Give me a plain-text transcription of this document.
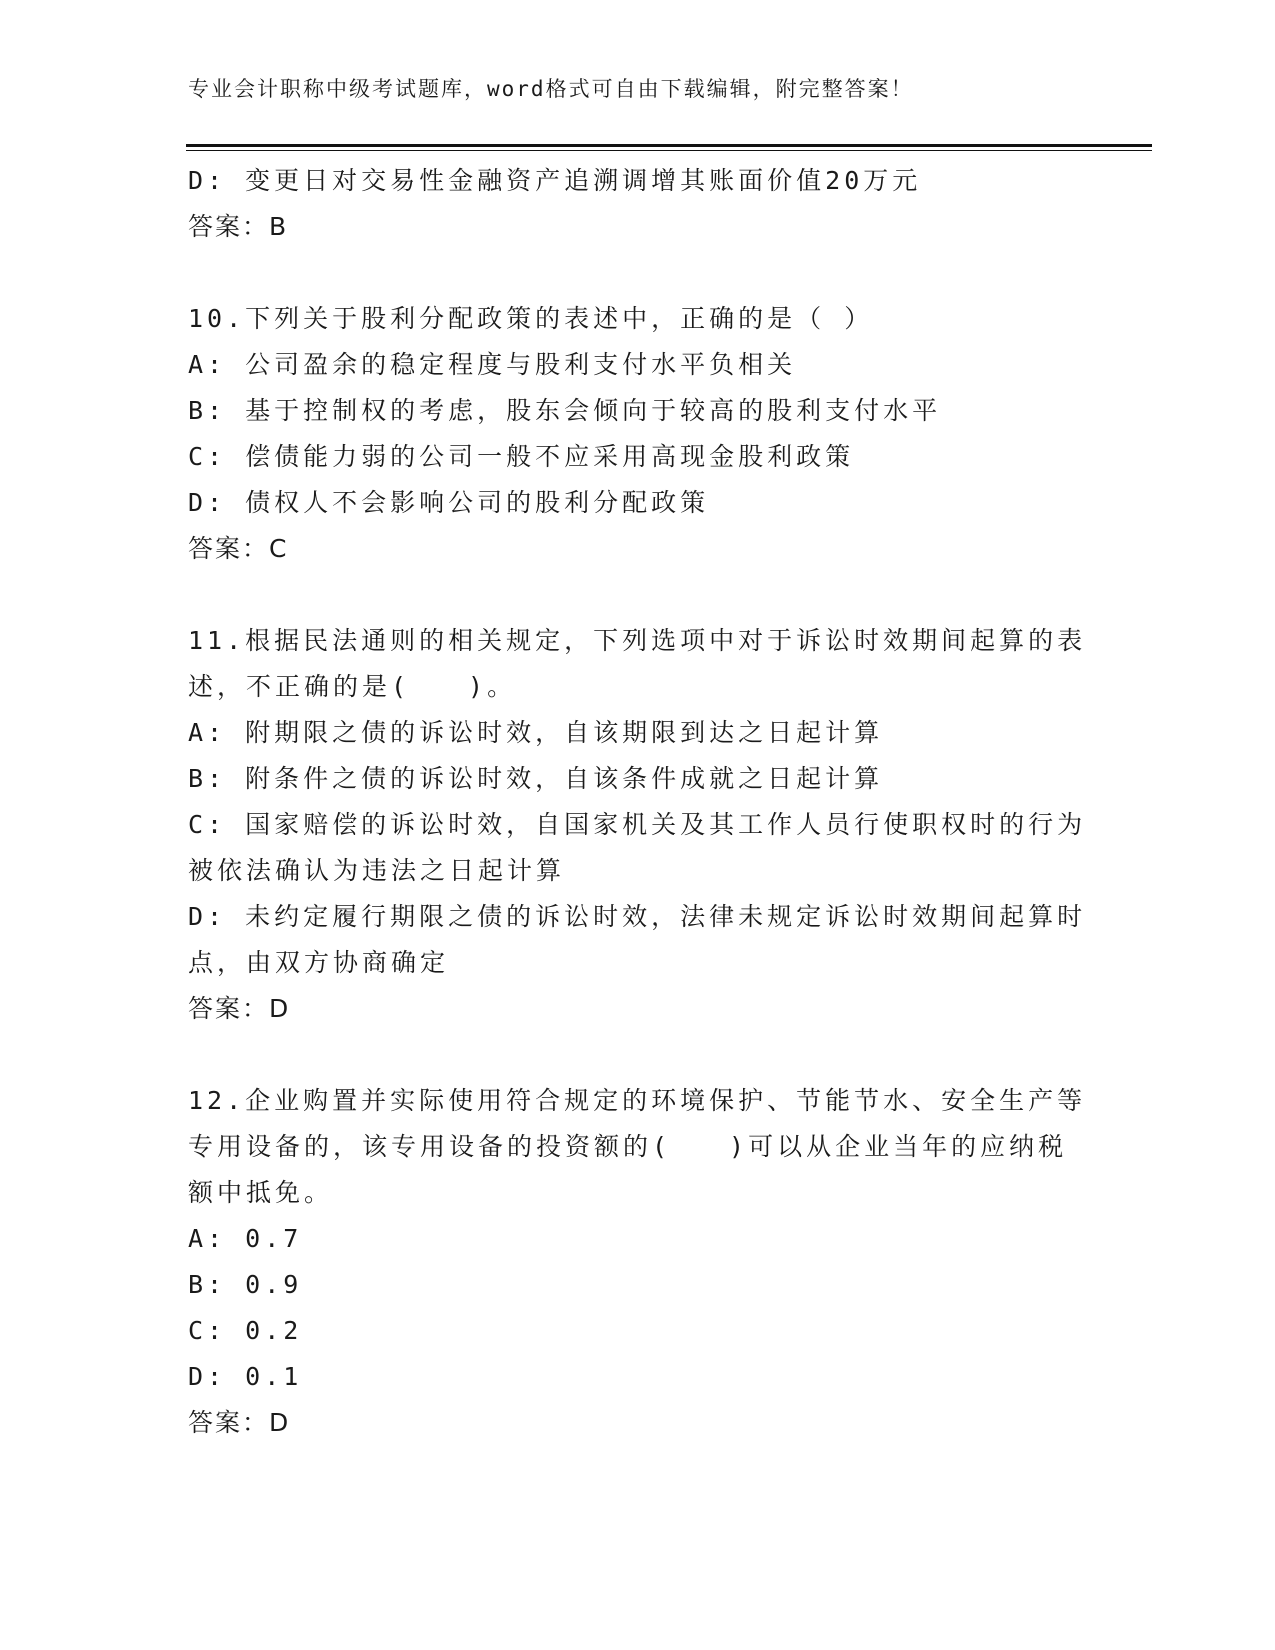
专业会计职称中级考试题库，word格式可自由下载编辑，附完整答案！

D: 变更日对交易性金融资产追溯调增其账面价值20万元

答案：B

10.下列关于股利分配政策的表述中，正确的是（ ）

A: 公司盈余的稳定程度与股利支付水平负相关

B: 基于控制权的考虑，股东会倾向于较高的股利支付水平

C: 偿债能力弱的公司一般不应采用高现金股利政策

D: 债权人不会影响公司的股利分配政策

答案：C

11.根据民法通则的相关规定，下列选项中对于诉讼时效期间起算的表

述，不正确的是(　　)。

A: 附期限之债的诉讼时效，自该期限到达之日起计算

B: 附条件之债的诉讼时效，自该条件成就之日起计算

C: 国家赔偿的诉讼时效，自国家机关及其工作人员行使职权时的行为

被依法确认为违法之日起计算

D: 未约定履行期限之债的诉讼时效，法律未规定诉讼时效期间起算时

点，由双方协商确定

答案：D

12.企业购置并实际使用符合规定的环境保护、节能节水、安全生产等

专用设备的，该专用设备的投资额的(　　)可以从企业当年的应纳税

额中抵免。

A: 0.7

B: 0.9

C: 0.2

D: 0.1

答案：D
